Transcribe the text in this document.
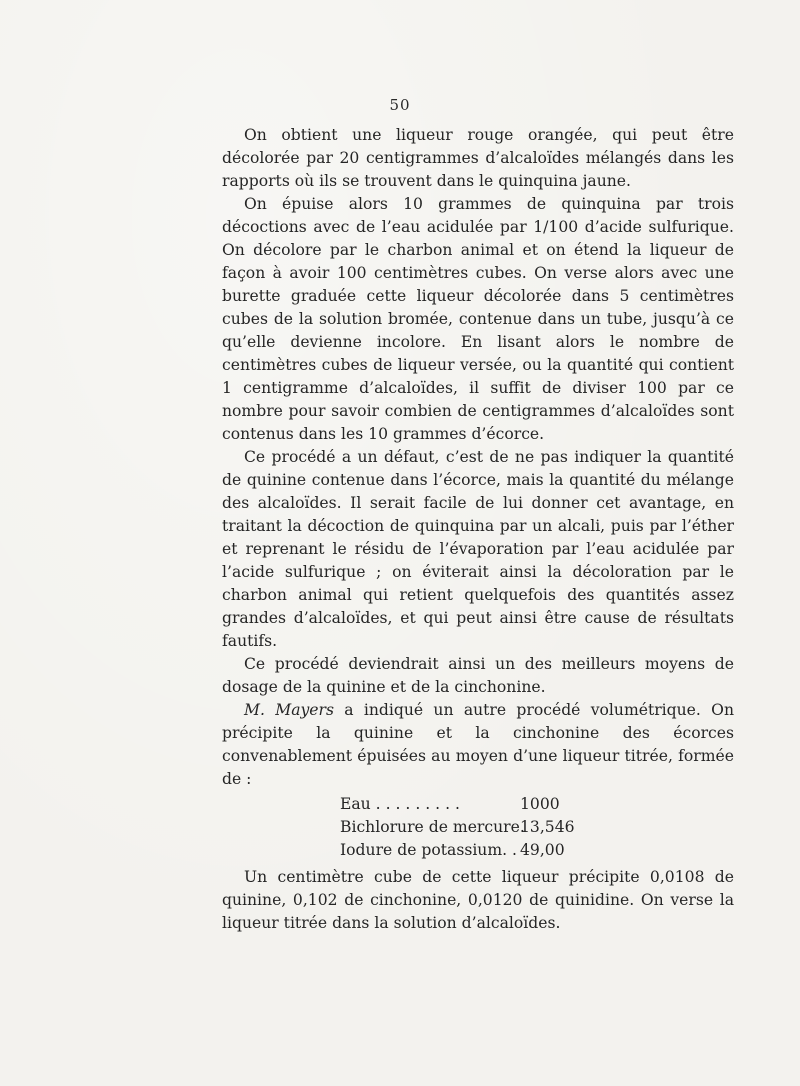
50

On obtient une liqueur rouge orangée, qui peut être décolorée par 20 centigrammes d’alcaloïdes mélangés dans les rapports où ils se trouvent dans le quinquina jaune.

On épuise alors 10 grammes de quinquina par trois décoctions avec de l’eau acidulée par 1/100 d’acide sulfurique. On décolore par le charbon animal et on étend la liqueur de façon à avoir 100 centimètres cubes. On verse alors avec une burette graduée cette liqueur décolorée dans 5 centimètres cubes de la solution bromée, contenue dans un tube, jusqu’à ce qu’elle devienne incolore. En lisant alors le nombre de centimètres cubes de liqueur versée, ou la quantité qui contient 1 centigramme d’alcaloïdes, il suffit de diviser 100 par ce nombre pour savoir combien de centigrammes d’alcaloïdes sont contenus dans les 10 grammes d’écorce.

Ce procédé a un défaut, c’est de ne pas indiquer la quantité de quinine contenue dans l’écorce, mais la quantité du mélange des alcaloïdes. Il serait facile de lui donner cet avantage, en traitant la décoction de quinquina par un alcali, puis par l’éther et reprenant le résidu de l’évaporation par l’eau acidulée par l’acide sulfurique ; on éviterait ainsi la décoloration par le charbon animal qui retient quelquefois des quantités assez grandes d’alcaloïdes, et qui peut ainsi être cause de résultats fautifs.

Ce procédé deviendrait ainsi un des meilleurs moyens de dosage de la quinine et de la cinchonine.

M. Mayers a indiqué un autre procédé volumétrique. On précipite la quinine et la cinchonine des écorces convenablement épuisées au moyen d’une liqueur titrée, formée de :

Eau . . . . . . . . .	1000
Bichlorure de mercure.
13,546
Iodure de potassium. . 49,00

Un centimètre cube de cette liqueur précipite 0,0108 de quinine, 0,102 de cinchonine, 0,0120 de quinidine. On verse la liqueur titrée dans la solution d’alcaloïdes.
